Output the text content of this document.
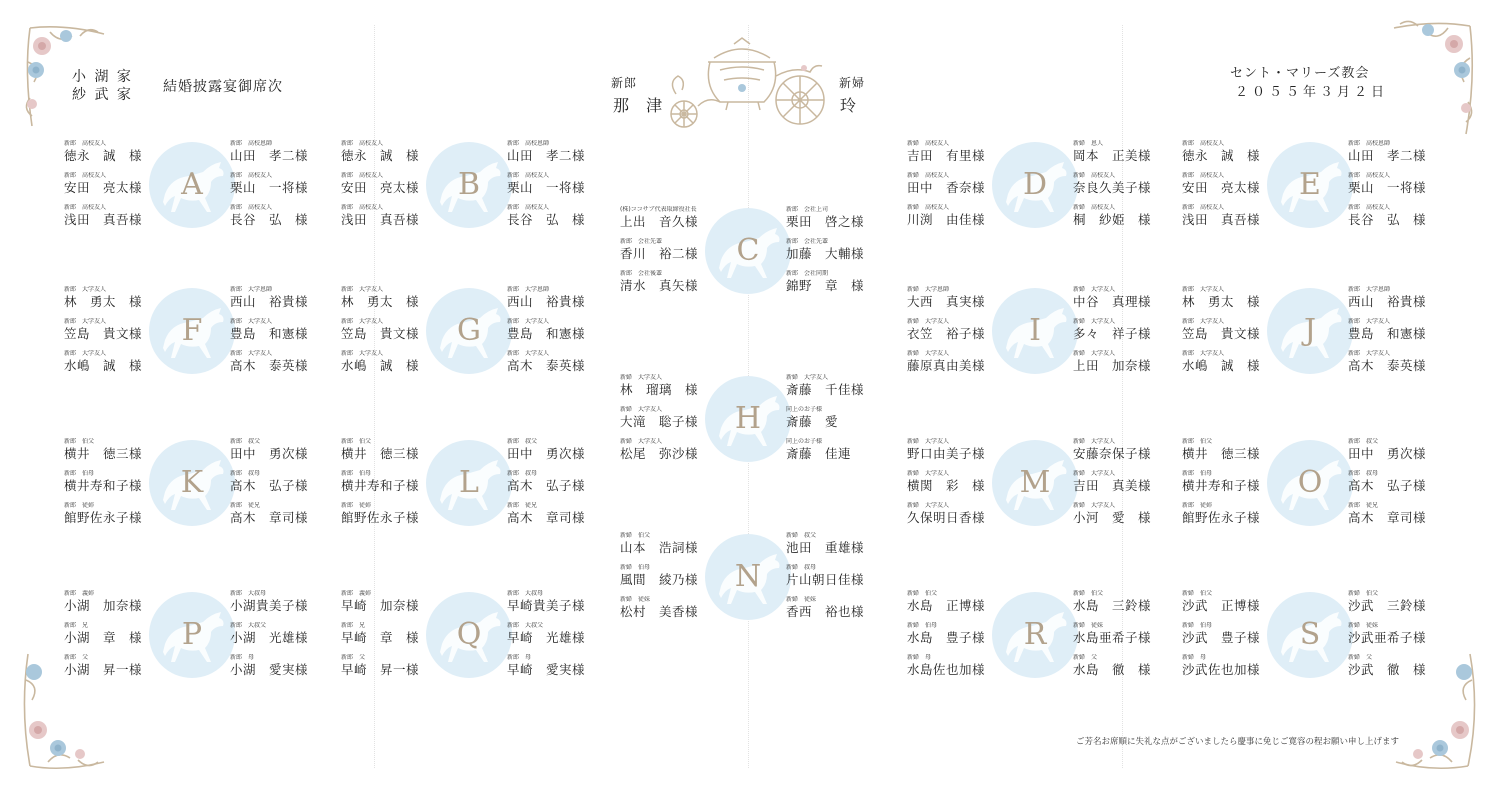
小 湖 家
紗 武 家 結婚披露宴御席次	新郎
那 津
新婦
玲
セント・マリーズ教会
２０５５年３月２日
A
新郎　高校友人
徳永　誠　様
新郎　高校恩師
山田　孝二様
新郎　高校友人
安田　亮太様
新郎　高校友人
栗山　一将様
新郎　高校友人
浅田　真吾様
新郎　高校友人
長谷　弘　様
B
新郎　高校友人
徳永　誠　様
新郎　高校恩師
山田　孝二様
新郎　高校友人
安田　亮太様
新郎　高校友人
栗山　一将様
新郎　高校友人
浅田　真吾様
新郎　高校友人
長谷　弘　様
C
(株)ココサブ代表取締役社長
上出　音久様
新郎　会社上司
栗田　啓之様
新郎　会社先輩
香川　裕二様
新郎　会社先輩
加藤　大輔様
新郎　会社後輩
清水　真矢様
新郎　会社同期
錦野　章　様
D
新婦　高校友人
吉田　有里様
新婦　恩人
岡本　正美様
新婦　高校友人
田中　香奈様
新婦　高校友人
奈良久美子様
新婦　高校友人
川渕　由佳様
新婦　高校友人
桐　紗姫　様
E
新郎　高校友人
徳永　誠　様
新郎　高校恩師
山田　孝二様
新郎　高校友人
安田　亮太様
新郎　高校友人
栗山　一将様
新郎　高校友人
浅田　真吾様
新郎　高校友人
長谷　弘　様
F
新郎　大学友人
林　勇太　様
新郎　大学恩師
西山　裕貴様
新郎　大学友人
笠島　貴文様
新郎　大学友人
豊島　和憲様
新郎　大学友人
水嶋　誠　様
新郎　大学友人
高木　泰英様
G
新郎　大学友人
林　勇太　様
新郎　大学恩師
西山　裕貴様
新郎　大学友人
笠島　貴文様
新郎　大学友人
豊島　和憲様
新郎　大学友人
水嶋　誠　様
新郎　大学友人
高木　泰英様
I
新婦　大学恩師
大西　真実様
新婦　大学友人
中谷　真理様
新婦　大学友人
衣笠　裕子様
新婦　大学友人
多々　祥子様
新婦　大学友人
藤原真由美様
新婦　大学友人
上田　加奈様
J
新郎　大学友人
林　勇太　様
新郎　大学恩師
西山　裕貴様
新郎　大学友人
笠島　貴文様
新郎　大学友人
豊島　和憲様
新郎　大学友人
水嶋　誠　様
新郎　大学友人
高木　泰英様
H
新婦　大学友人
林　瑠璃　様
新婦　大学友人
斎藤　千佳様
新婦　大学友人
大滝　聡子様
同上のお子様
斎藤　愛　
新婦　大学友人
松尾　弥沙様
同上のお子様
斎藤　佳連
K
新郎　伯父
横井　徳三様
新郎　叔父
田中　勇次様
新郎　伯母
横井寿和子様
新郎　叔母
高木　弘子様
新郎　従姉
館野佐永子様
新郎　従兄
高木　章司様
L
新郎　伯父
横井　徳三様
新郎　叔父
田中　勇次様
新郎　伯母
横井寿和子様
新郎　叔母
高木　弘子様
新郎　従姉
館野佐永子様
新郎　従兄
高木　章司様
M
新婦　大学友人
野口由美子様
新婦　大学友人
安藤奈保子様
新婦　大学友人
横関　彩　様
新婦　大学友人
吉田　真美様
新婦　大学友人
久保明日香様
新婦　大学友人
小河　愛　様
O
新郎　伯父
横井　徳三様
新郎　叔父
田中　勇次様
新郎　伯母
横井寿和子様
新郎　叔母
高木　弘子様
新郎　従姉
館野佐永子様
新郎　従兄
高木　章司様
N
新婦　伯父
山本　浩詞様
新婦　叔父
池田　重雄様
新婦　伯母
風間　綾乃様
新婦　叔母
片山朝日佳様
新婦　従妹
松村　美香様
新婦　従妹
香西　裕也様
P
新郎　義姉
小湖　加奈様
新郎　大叔母
小湖貴美子様
新郎　兄
小湖　章　様
新郎　大叔父
小湖　光雄様
新郎　父
小湖　昇一様
新郎　母
小湖　愛実様
Q
新郎　義姉
早崎　加奈様
新郎　大叔母
早崎貴美子様
新郎　兄
早崎　章　様
新郎　大叔父
早崎　光雄様
新郎　父
早崎　昇一様
新郎　母
早崎　愛実様
R
新婦　伯父
水島　正博様
新婦　伯父
水島　三鈴様
新婦　伯母
水島　豊子様
新婦　従妹
水島亜希子様
新婦　母
水島佐也加様
新婦　父
水島　徹　様
S
新婦　伯父
沙武　正博様
新婦　伯父
沙武　三鈴様
新婦　伯母
沙武　豊子様
新婦　従妹
沙武亜希子様
新婦　母
沙武佐也加様
新婦　父
沙武　徹　様
ご芳名お席順に失礼な点がございましたら慶事に免じご寛容の程お願い申し上げます
